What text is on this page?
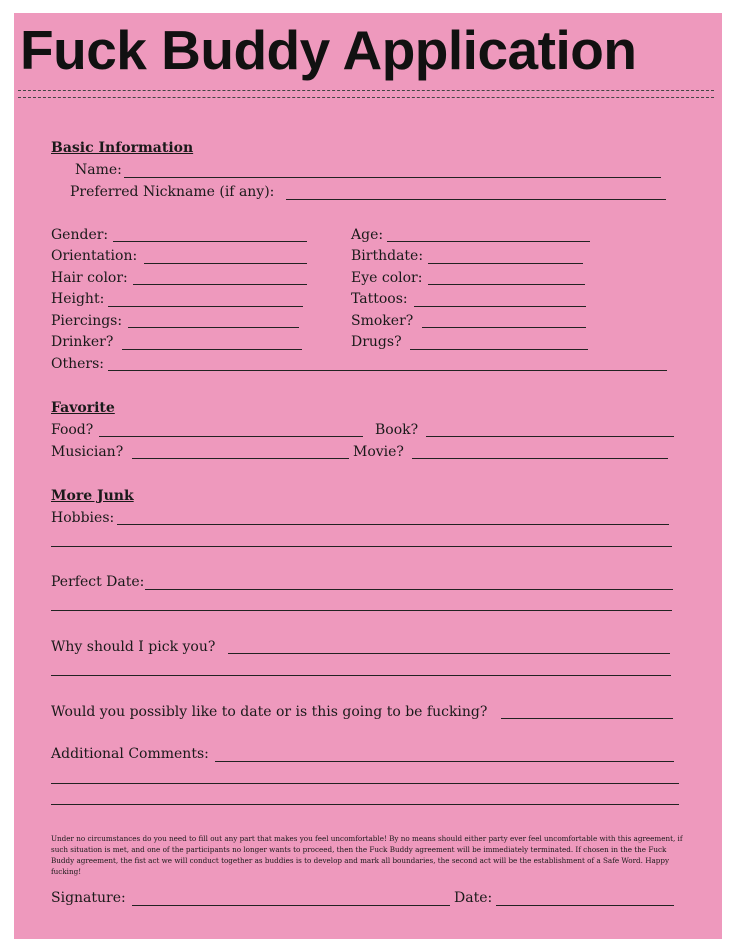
Fuck Buddy Application
Basic Information
Name:
Preferred Nickname (if any):
Gender:	Age:
Orientation:	Birthdate:
Hair color:	Eye color:
Height:	Tattoos:
Piercings:	Smoker?
Drinker?	Drugs?
Others:
Favorite
Food?	Book?
Musician?	Movie?
More Junk
Hobbies:
Perfect Date:
Why should I pick you?
Would you possibly like to date or is this going to be fucking?
Additional Comments:
Under no circumstances do you need to fill out any part that makes you feel uncomfortable! By no means should either party ever feel uncomfortable with this agreement, if such situation is met, and one of the participants no longer wants to proceed, then the Fuck Buddy agreement will be immediately terminated. If chosen in the the Fuck Buddy agreement, the fist act we will conduct together as buddies is to develop and mark all boundaries, the second act will be the establishment of a Safe Word. Happy fucking!
Signature:	Date:
